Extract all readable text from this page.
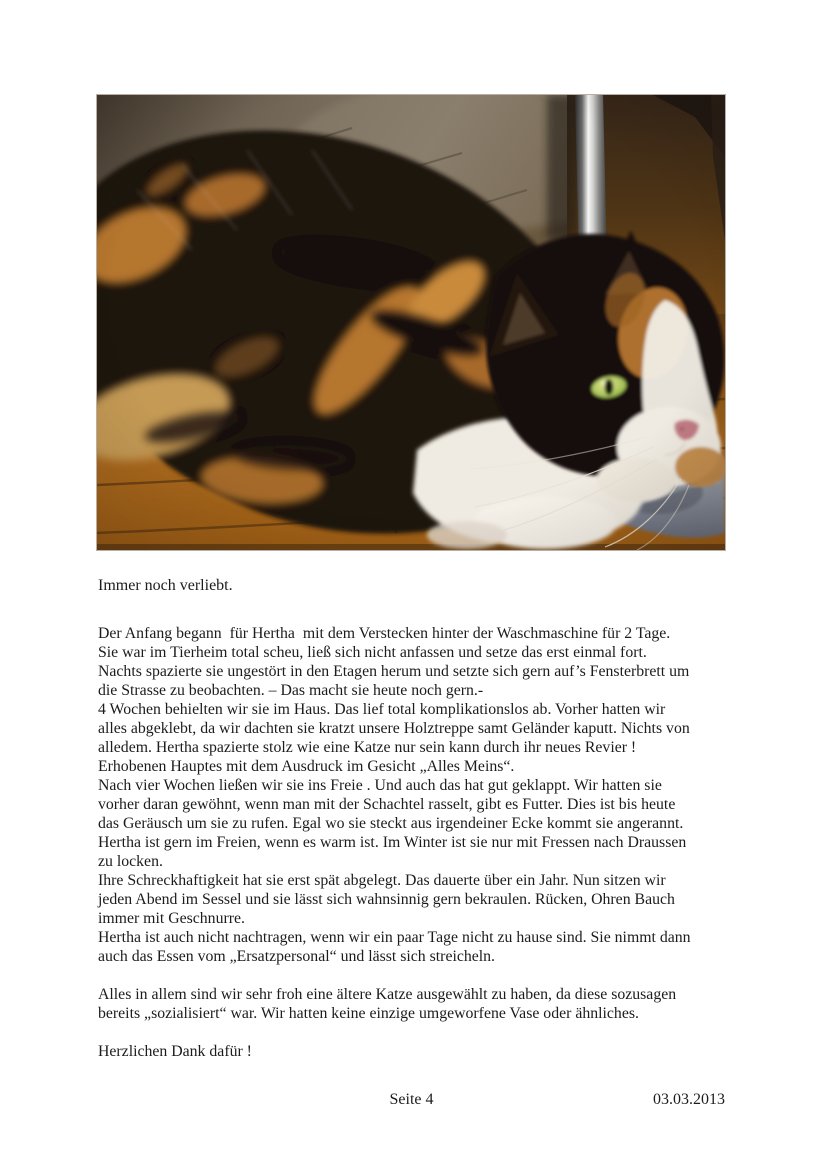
Immer noch verliebt.

Der Anfang begann  für Hertha  mit dem Verstecken hinter der Waschmaschine für 2 Tage.
Sie war im Tierheim total scheu, ließ sich nicht anfassen und setze das erst einmal fort.
Nachts spazierte sie ungestört in den Etagen herum und setzte sich gern auf’s Fensterbrett um
die Strasse zu beobachten. – Das macht sie heute noch gern.-
4 Wochen behielten wir sie im Haus. Das lief total komplikationslos ab. Vorher hatten wir
alles abgeklebt, da wir dachten sie kratzt unsere Holztreppe samt Geländer kaputt. Nichts von
alledem. Hertha spazierte stolz wie eine Katze nur sein kann durch ihr neues Revier !
Erhobenen Hauptes mit dem Ausdruck im Gesicht „Alles Meins“.
Nach vier Wochen ließen wir sie ins Freie . Und auch das hat gut geklappt. Wir hatten sie
vorher daran gewöhnt, wenn man mit der Schachtel rasselt, gibt es Futter. Dies ist bis heute
das Geräusch um sie zu rufen. Egal wo sie steckt aus irgendeiner Ecke kommt sie angerannt.
Hertha ist gern im Freien, wenn es warm ist. Im Winter ist sie nur mit Fressen nach Draussen
zu locken.
Ihre Schreckhaftigkeit hat sie erst spät abgelegt. Das dauerte über ein Jahr. Nun sitzen wir
jeden Abend im Sessel und sie lässt sich wahnsinnig gern bekraulen. Rücken, Ohren Bauch
immer mit Geschnurre.
Hertha ist auch nicht nachtragen, wenn wir ein paar Tage nicht zu hause sind. Sie nimmt dann
auch das Essen vom „Ersatzpersonal“ und lässt sich streicheln.
Alles in allem sind wir sehr froh eine ältere Katze ausgewählt zu haben, da diese sozusagen
bereits „sozialisiert“ war. Wir hatten keine einzige umgeworfene Vase oder ähnliches.
Herzlichen Dank dafür !
Seite 4	03.03.2013
